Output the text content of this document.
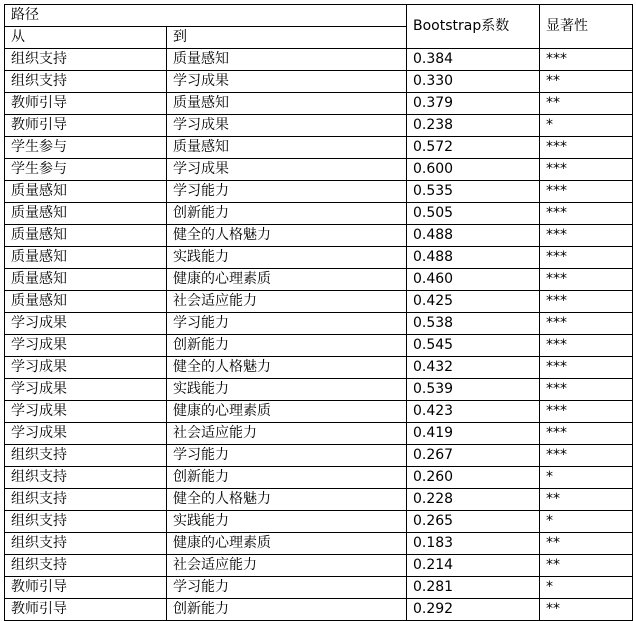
路径		Bootstrap系数	显著性
从	到		
组织支持	质量感知	0.384	***
组织支持	学习成果	0.330	**
教师引导	质量感知	0.379	**
教师引导	学习成果	0.238	*
学生参与	质量感知	0.572	***
学生参与	学习成果	0.600	***
质量感知	学习能力	0.535	***
质量感知	创新能力	0.505	***
质量感知	健全的人格魅力	0.488	***
质量感知	实践能力	0.488	***
质量感知	健康的心理素质	0.460	***
质量感知	社会适应能力	0.425	***
学习成果	学习能力	0.538	***
学习成果	创新能力	0.545	***
学习成果	健全的人格魅力	0.432	***
学习成果	实践能力	0.539	***
学习成果	健康的心理素质	0.423	***
学习成果	社会适应能力	0.419	***
组织支持	学习能力	0.267	***
组织支持	创新能力	0.260	*
组织支持	健全的人格魅力	0.228	**
组织支持	实践能力	0.265	*
组织支持	健康的心理素质	0.183	**
组织支持	社会适应能力	0.214	**
教师引导	学习能力	0.281	*
教师引导	创新能力	0.292	**
